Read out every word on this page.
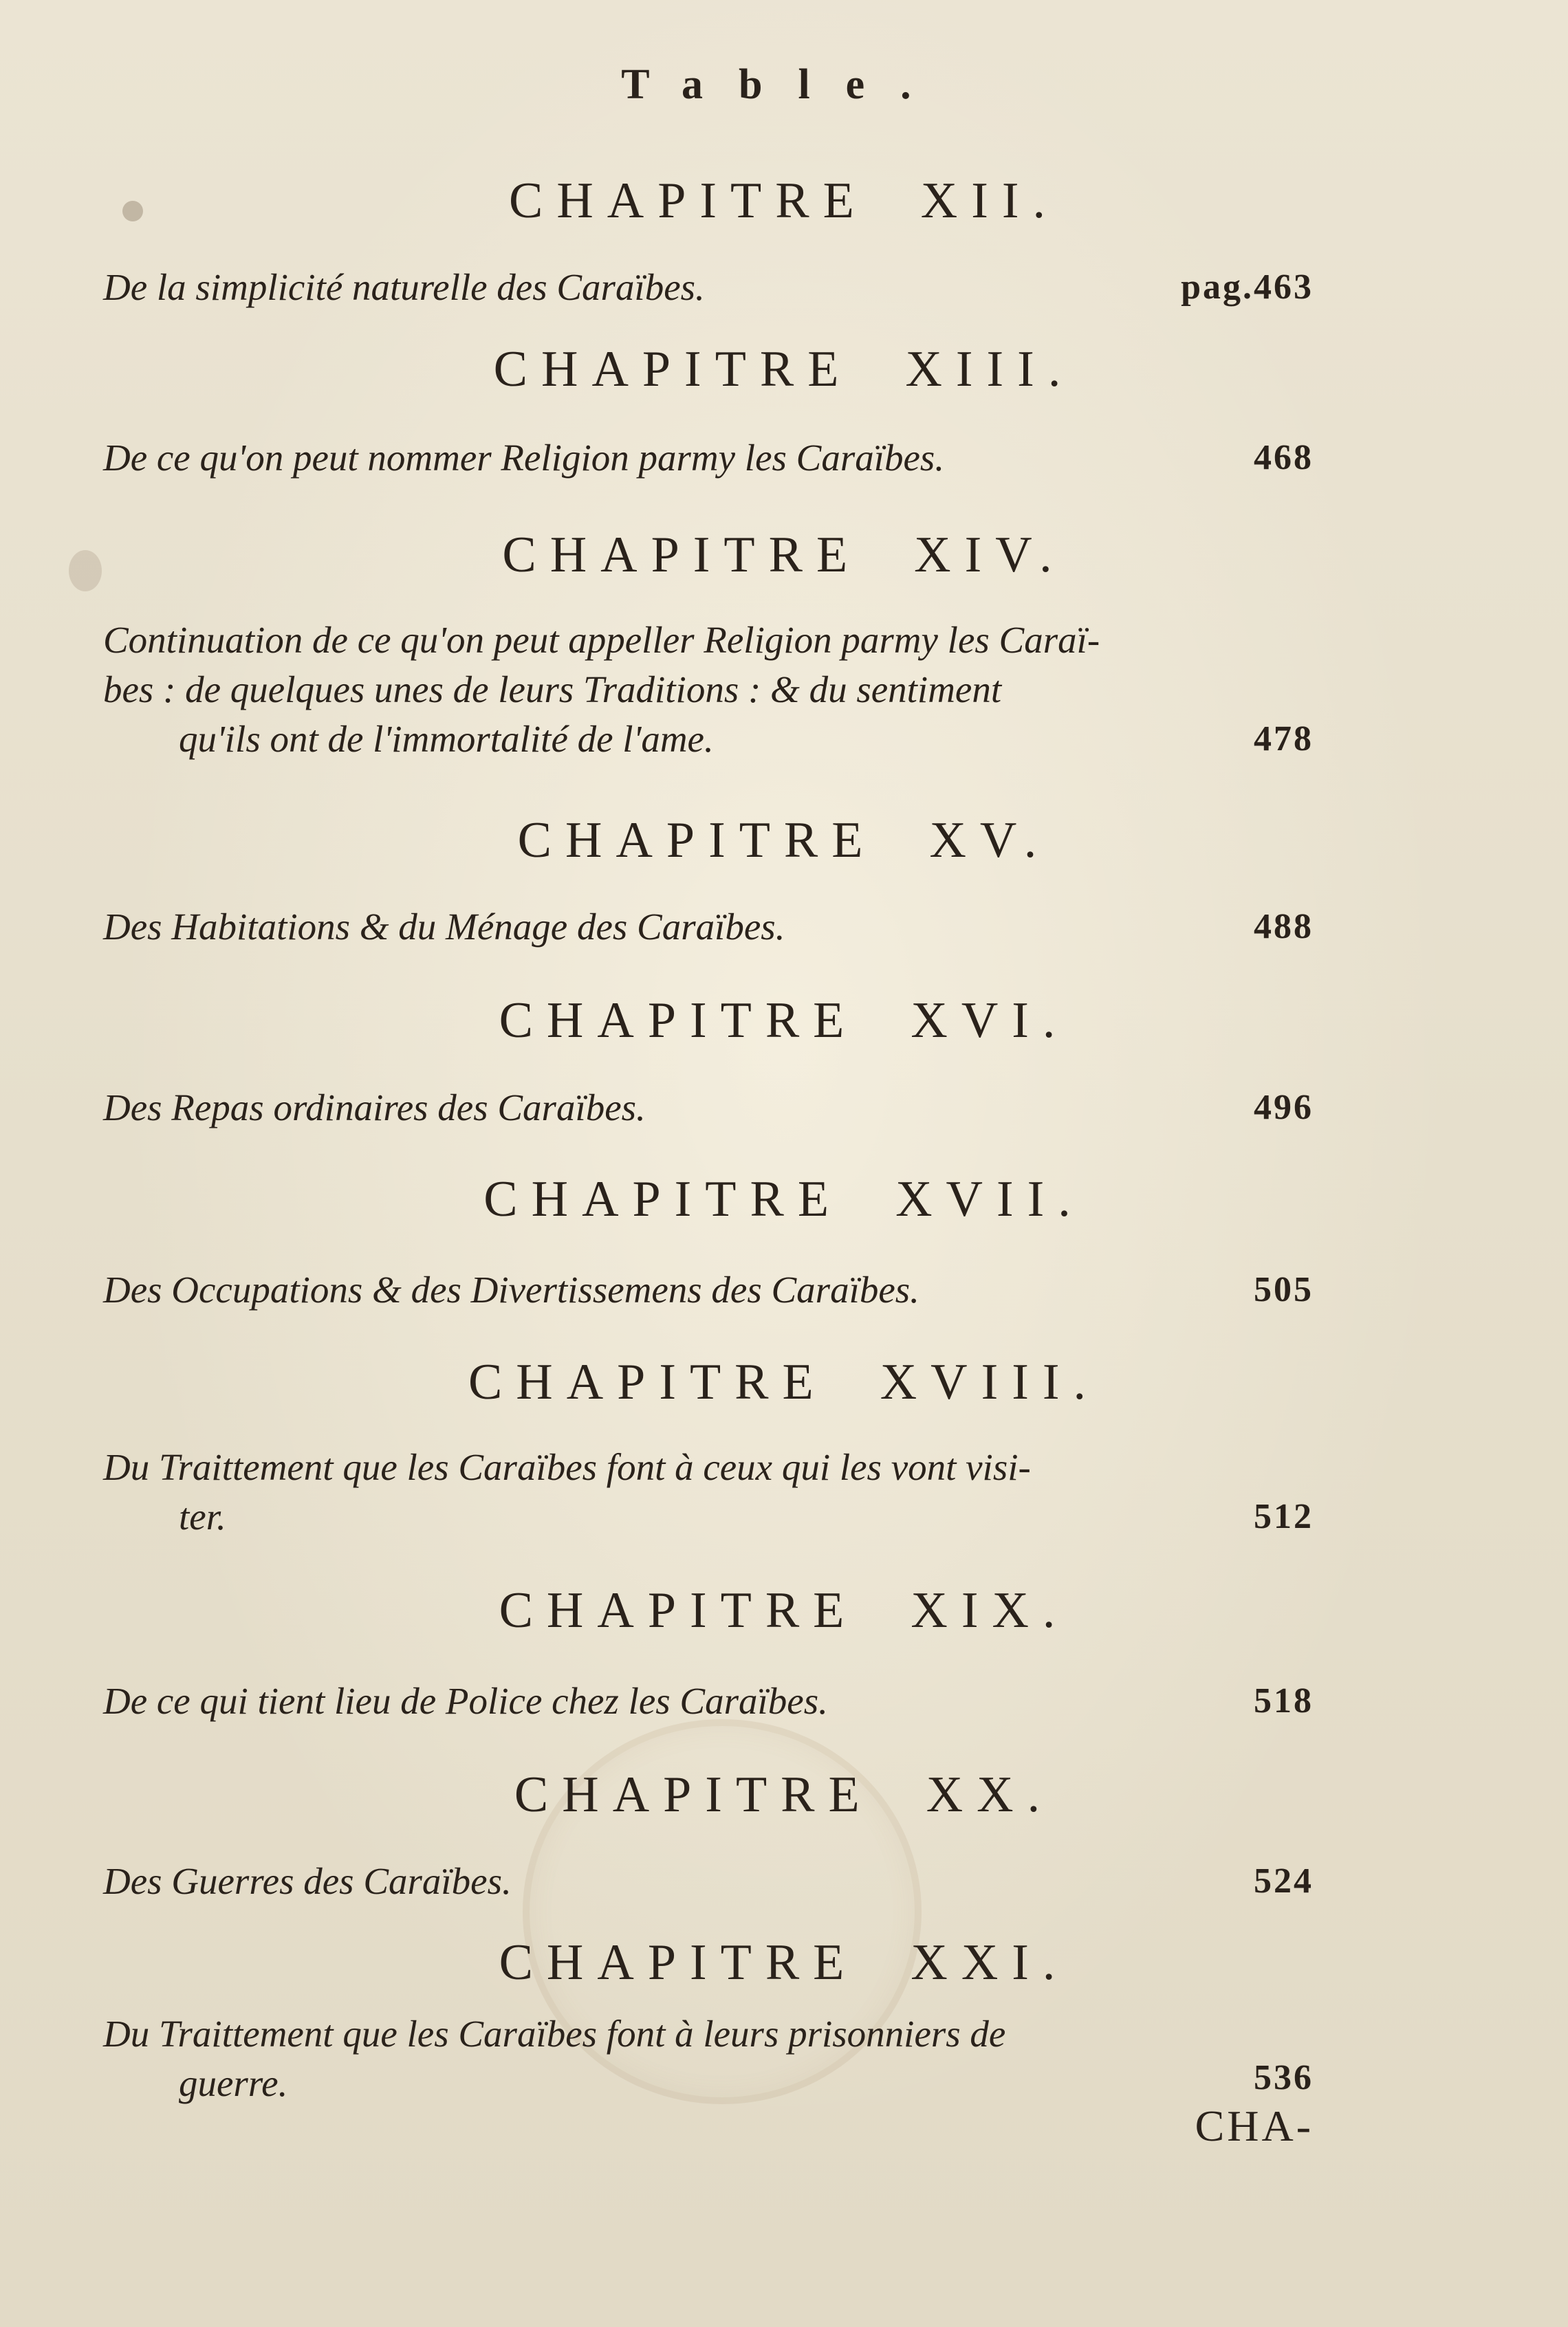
Table.
CHAPITRE  XII.
De la simplicité naturelle des Caraïbes.	pag.463
CHAPITRE  XIII.
De ce qu'on peut nommer Religion parmy les Caraïbes.	468
CHAPITRE  XIV.
Continuation de ce qu'on peut appeller Religion parmy les Caraï-
bes : de quelques unes de leurs Traditions : & du sentiment
qu'ils ont de l'immortalité de l'ame.	478
CHAPITRE  XV.
Des Habitations & du Ménage des Caraïbes.	488
CHAPITRE  XVI.
Des Repas ordinaires des Caraïbes.	496
CHAPITRE  XVII.
Des Occupations & des Divertissemens des Caraïbes.	505
CHAPITRE  XVIII.
Du Traittement que les Caraïbes font à ceux qui les vont visi-
ter.	512
CHAPITRE  XIX.
De ce qui tient lieu de Police chez les Caraïbes.	518
CHAPITRE  XX.
Des Guerres des Caraïbes.	524
CHAPITRE  XXI.
Du Traittement que les Caraïbes font à leurs prisonniers de
guerre.	536
CHA-
